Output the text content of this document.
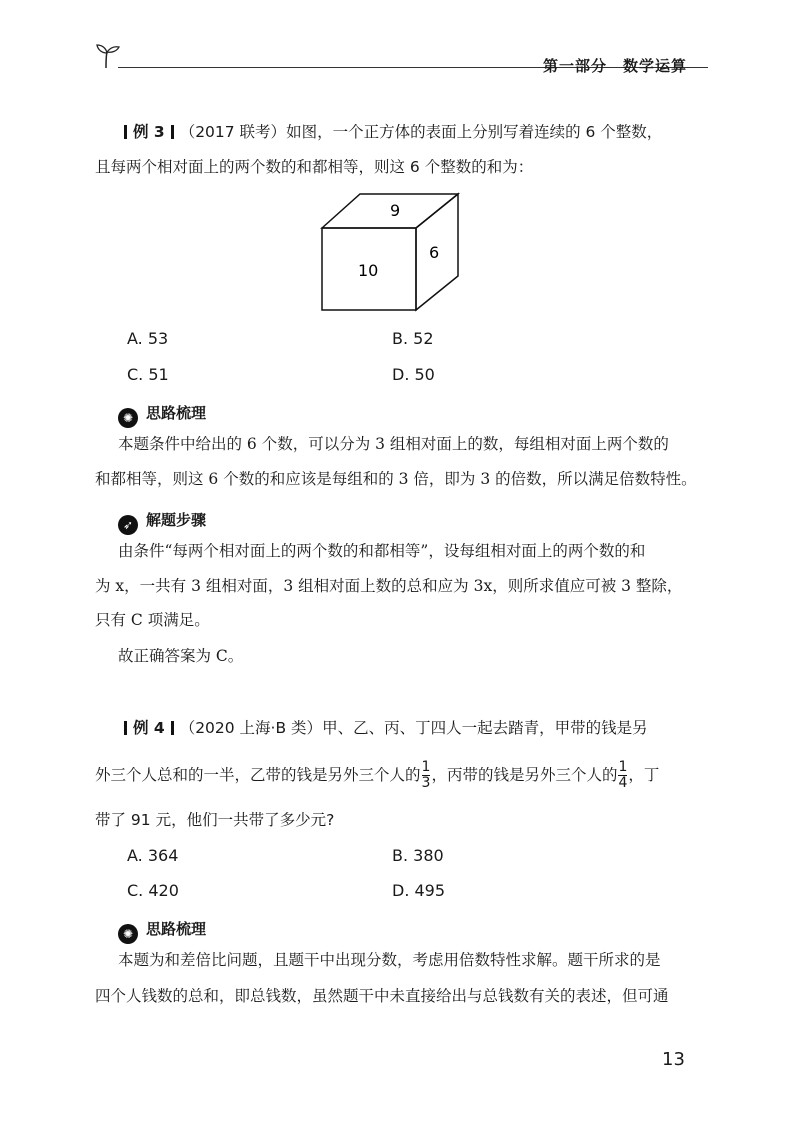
第一部分　数学运算
例 3 （2017 联考）如图，一个正方体的表面上分别写着连续的 6 个整数，
且每两个相对面上的两个数的和都相等，则这 6 个整数的和为：
9
10
6
A. 53	B. 52
C. 51	D. 50
✺ 思路梳理
本题条件中给出的 6 个数，可以分为 3 组相对面上的数，每组相对面上两个数的
和都相等，则这 6 个数的和应该是每组和的 3 倍，即为 3 的倍数，所以满足倍数特性。
➶ 解题步骤
由条件“每两个相对面上的两个数的和都相等”，设每组相对面上的两个数的和
为 x，一共有 3 组相对面，3 组相对面上数的总和应为 3x，则所求值应可被 3 整除，
只有 C 项满足。
故正确答案为 C。
例 4 （2020 上海·B 类）甲、乙、丙、丁四人一起去踏青，甲带的钱是另
外三个人总和的一半，乙带的钱是另外三个人的 $\frac{1}{3}$ ，丙带的钱是另外三个人的 $\frac{1}{4}$ ，丁
带了 91 元，他们一共带了多少元?
A. 364	B. 380
C. 420	D. 495
✺ 思路梳理
本题为和差倍比问题，且题干中出现分数，考虑用倍数特性求解。题干所求的是
四个人钱数的总和，即总钱数，虽然题干中未直接给出与总钱数有关的表述，但可通
13
